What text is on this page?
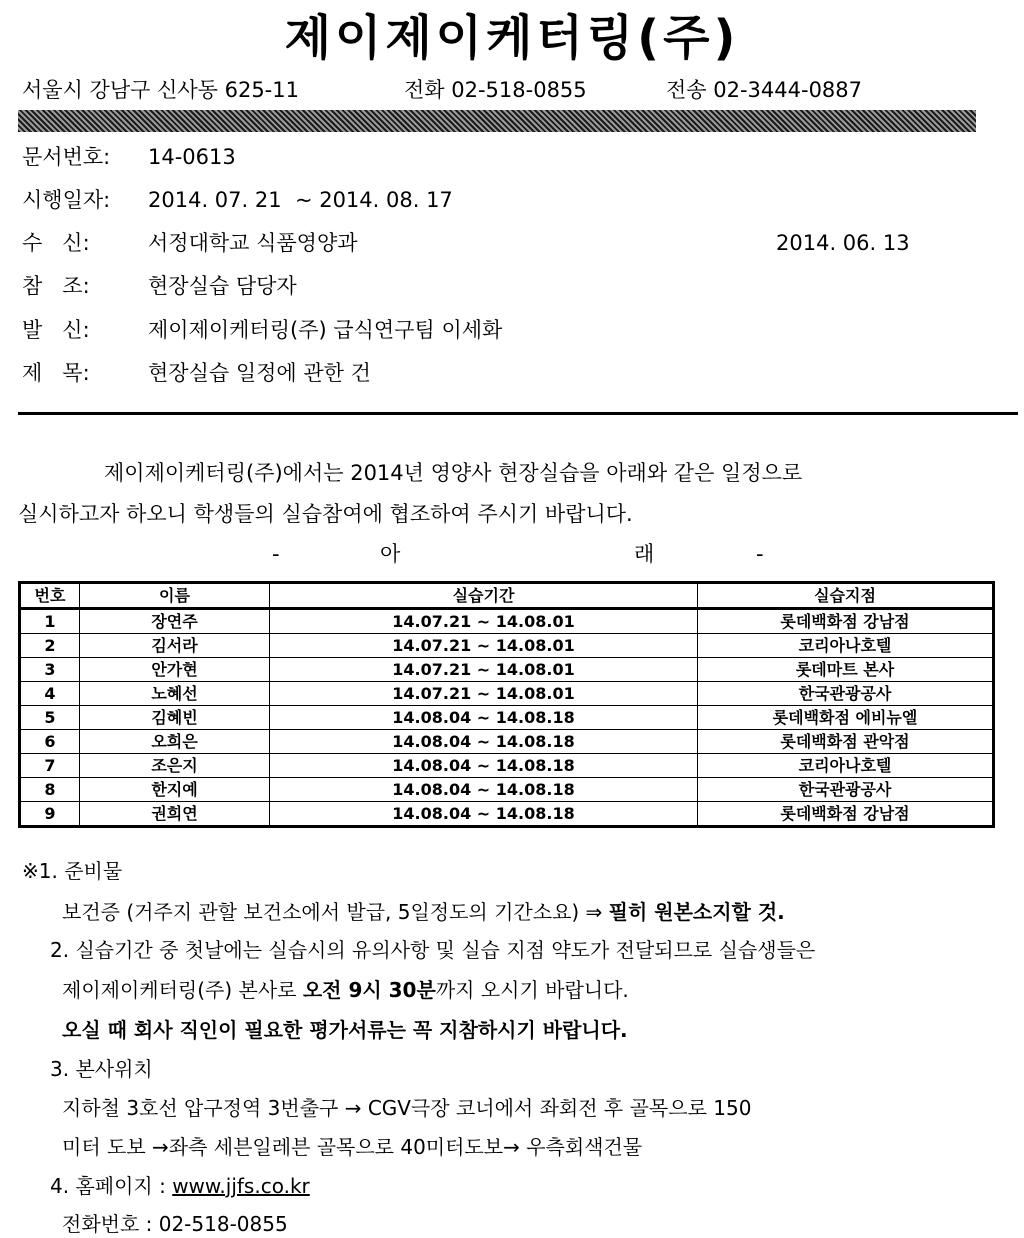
제이제이케터링(주)
서울시 강남구 신사동 625-11	전화 02-518-0855	전송 02-3444-0887
문서번호: 14-0613
시행일자: 2014. 07. 21  ~ 2014. 08. 17
수   신:	서정대학교 식품영양과	2014. 06. 13
참   조:	현장실습 담당자
발   신:	제이제이케터링(주) 급식연구팀 이세화
제   목:	현장실습 일정에 관한 건
제이제이케터링(주)에서는 2014년 영양사 현장실습을 아래와 같은 일정으로
실시하고자 하오니 학생들의 실습참여에 협조하여 주시기 바랍니다.
-	아	래	-
번호	이름	실습기간	실습지점
1	장연주	14.07.21 ~ 14.08.01	롯데백화점 강남점
2	김서라	14.07.21 ~ 14.08.01	코리아나호텔
3	안가현	14.07.21 ~ 14.08.01	롯데마트 본사
4	노혜선	14.07.21 ~ 14.08.01	한국관광공사
5	김혜빈	14.08.04 ~ 14.08.18	롯데백화점 에비뉴엘
6	오희은	14.08.04 ~ 14.08.18	롯데백화점 관악점
7	조은지	14.08.04 ~ 14.08.18	코리아나호텔
8	한지예	14.08.04 ~ 14.08.18	한국관광공사
9	권희연	14.08.04 ~ 14.08.18	롯데백화점 강남점
※1. 준비물
보건증 (거주지 관할 보건소에서 발급, 5일정도의 기간소요) ⇒ 필히 원본소지할 것.
2. 실습기간 중 첫날에는 실습시의 유의사항 및 실습 지점 약도가 전달되므로 실습생들은
제이제이케터링(주) 본사로 오전 9시 30분까지 오시기 바랍니다.
오실 때 회사 직인이 필요한 평가서류는 꼭 지참하시기 바랍니다.
3. 본사위치
지하철 3호선 압구정역 3번출구 → CGV극장 코너에서 좌회전 후 골목으로 150
미터 도보 →좌측 세븐일레븐 골목으로 40미터도보→ 우측회색건물
4. 홈페이지 : www.jjfs.co.kr
전화번호 : 02-518-0855
